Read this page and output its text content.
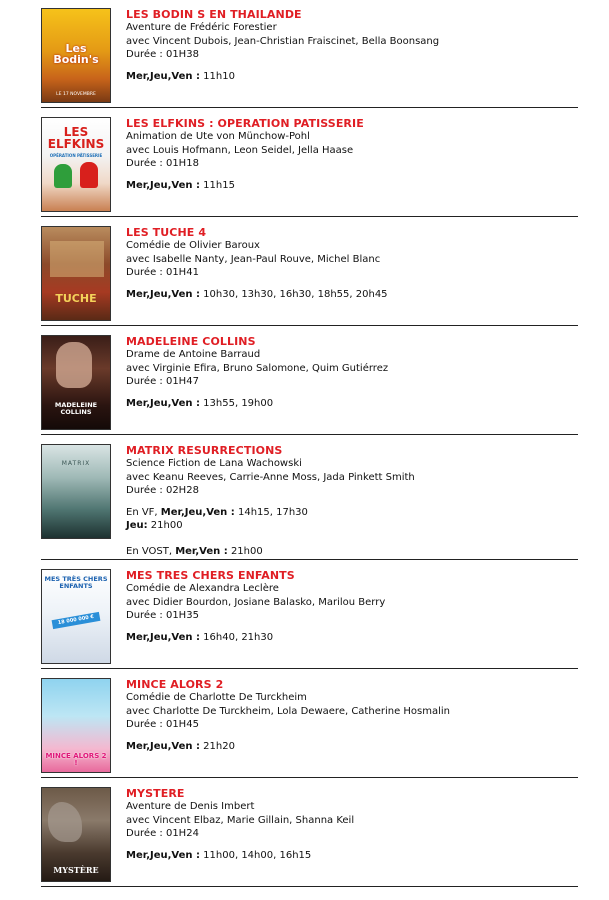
Les Bodin's
LE 17 NOVEMBRE
LES BODIN S EN THAILANDE
Aventure de Frédéric Forestier
avec Vincent Dubois, Jean-Christian Fraiscinet, Bella Boonsang
Durée : 01H38
Mer,Jeu,Ven : 11h10
LES ELFKINS
OPÉRATION PÂTISSERIE
LES ELFKINS : OPERATION PATISSERIE
Animation de Ute von Münchow-Pohl
avec Louis Hofmann, Leon Seidel, Jella Haase
Durée : 01H18
Mer,Jeu,Ven : 11h15
TUCHE
LES TUCHE 4
Comédie de Olivier Baroux
avec Isabelle Nanty, Jean-Paul Rouve, Michel Blanc
Durée : 01H41
Mer,Jeu,Ven : 10h30, 13h30, 16h30, 18h55, 20h45
MADELEINE COLLINS
MADELEINE COLLINS
Drame de Antoine Barraud
avec Virginie Efira, Bruno Salomone, Quim Gutiérrez
Durée : 01H47
Mer,Jeu,Ven : 13h55, 19h00
MATRIX
MATRIX RESURRECTIONS
Science Fiction de Lana Wachowski
avec Keanu Reeves, Carrie-Anne Moss, Jada Pinkett Smith
Durée : 02H28
En VF, Mer,Jeu,Ven : 14h15, 17h30
Jeu: 21h00
En VOST, Mer,Ven : 21h00
MES TRÈS CHERS ENFANTS
18 000 000 €
MES TRES CHERS ENFANTS
Comédie de Alexandra Leclère
avec Didier Bourdon, Josiane Balasko, Marilou Berry
Durée : 01H35
Mer,Jeu,Ven : 16h40, 21h30
MINCE ALORS 2 !
MINCE ALORS 2
Comédie de Charlotte De Turckheim
avec Charlotte De Turckheim, Lola Dewaere, Catherine Hosmalin
Durée : 01H45
Mer,Jeu,Ven : 21h20
MYSTÈRE
MYSTERE
Aventure de Denis Imbert
avec Vincent Elbaz, Marie Gillain, Shanna Keil
Durée : 01H24
Mer,Jeu,Ven : 11h00, 14h00, 16h15
